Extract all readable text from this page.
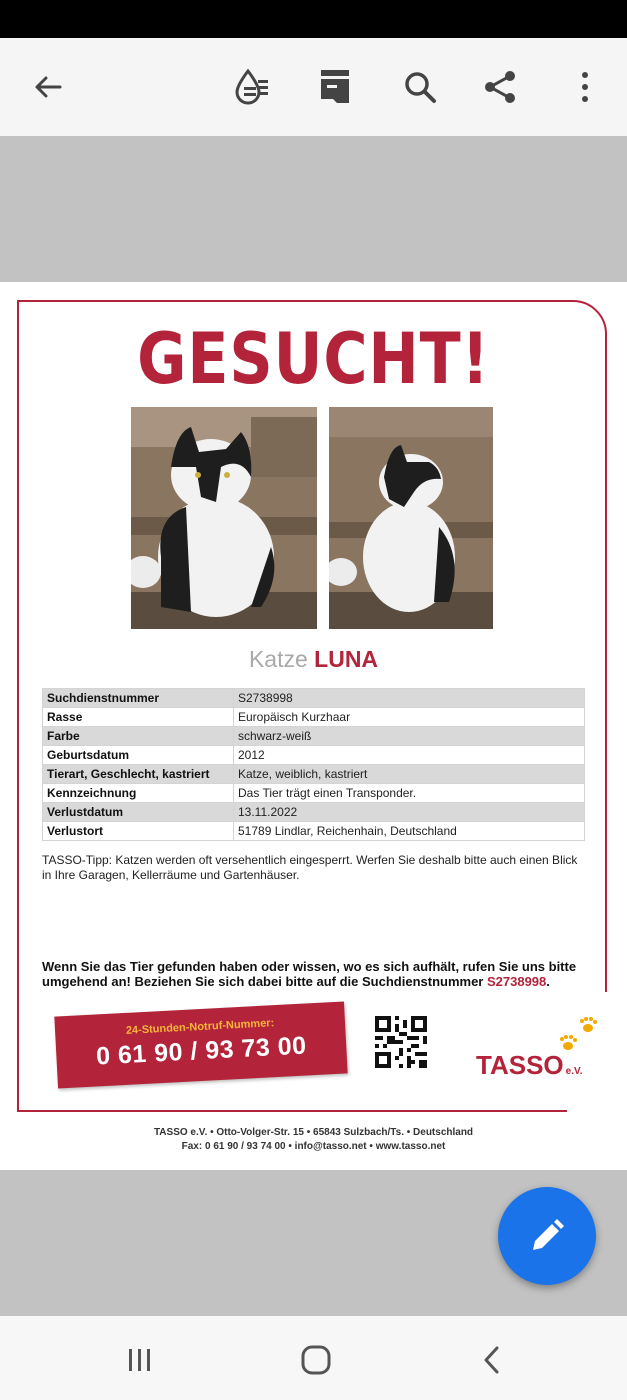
GESUCHT!
Katze LUNA
Suchdienstnummer	S2738998
Rasse	Europäisch Kurzhaar
Farbe	schwarz-weiß
Geburtsdatum	2012
Tierart, Geschlecht, kastriert	Katze, weiblich, kastriert
Kennzeichnung	Das Tier trägt einen Transponder.
Verlustdatum	13.11.2022
Verlustort	51789 Lindlar, Reichenhain, Deutschland
TASSO-Tipp: Katzen werden oft versehentlich eingesperrt. Werfen Sie deshalb bitte auch einen Blick in Ihre Garagen, Kellerräume und Gartenhäuser.
Wenn Sie das Tier gefunden haben oder wissen, wo es sich aufhält, rufen Sie uns bitte umgehend an! Beziehen Sie sich dabei bitte auf die Suchdienstnummer S2738998.
24-Stunden-Notruf-Nummer:
0 61 90 / 93 73 00	TASSO e.V.
TASSO e.V. • Otto-Volger-Str. 15 • 65843 Sulzbach/Ts. • Deutschland
Fax: 0 61 90 / 93 74 00 • info@tasso.net • www.tasso.net
